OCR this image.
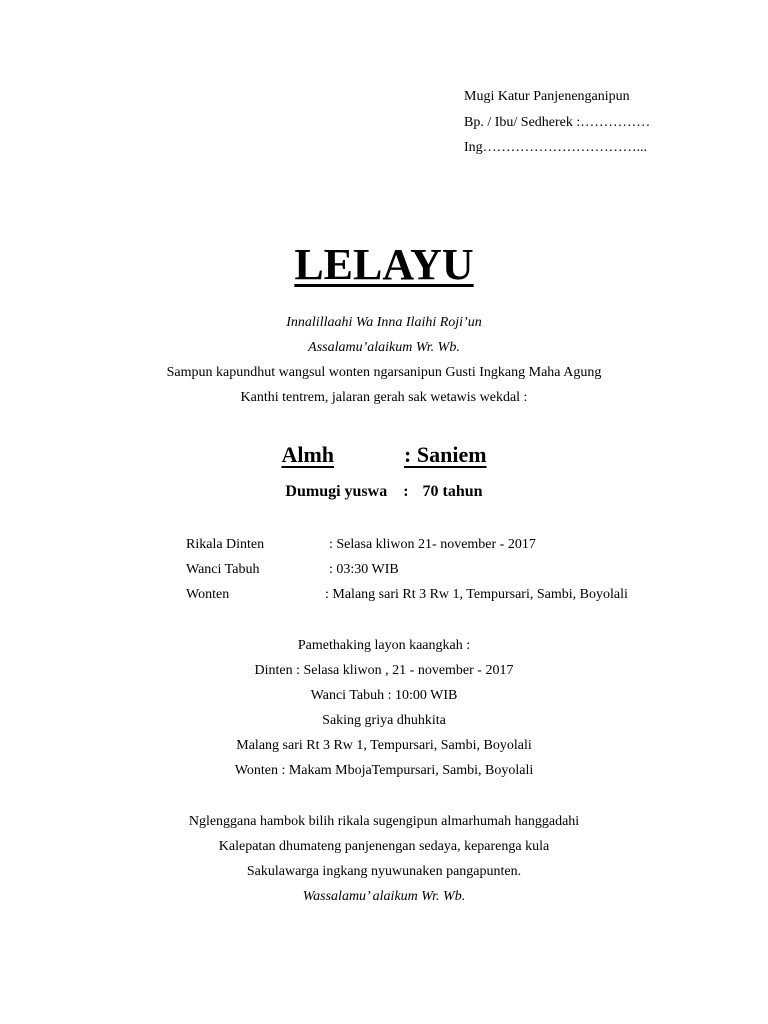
Mugi Katur Panjenenganipun
Bp. / Ibu/ Sedherek :……………
Ing……………………………...
LELAYU
Innalillaahi Wa Inna Ilaihi Roji’un
Assalamu’alaikum Wr. Wb.
Sampun kapundhut wangsul wonten ngarsanipun Gusti Ingkang Maha Agung
Kanthi tentrem, jalaran gerah sak wetawis wekdal :
Almh	: Saniem
Dumugi yuswa : 70 tahun
Rikala Dinten	: Selasa kliwon 21- november - 2017
Wanci Tabuh	: 03:30 WIB
Wonten	: Malang sari Rt 3 Rw 1, Tempursari, Sambi, Boyolali
Pamethaking layon kaangkah :
Dinten : Selasa kliwon , 21 - november - 2017
Wanci Tabuh : 10:00 WIB
Saking griya dhuhkita
Malang sari Rt 3 Rw 1, Tempursari, Sambi, Boyolali
Wonten : Makam MbojaTempursari, Sambi, Boyolali
Nglenggana hambok bilih rikala sugengipun almarhumah hanggadahi
Kalepatan dhumateng panjenengan sedaya, keparenga kula
Sakulawarga ingkang nyuwunaken pangapunten.
Wassalamu’ alaikum Wr. Wb.
